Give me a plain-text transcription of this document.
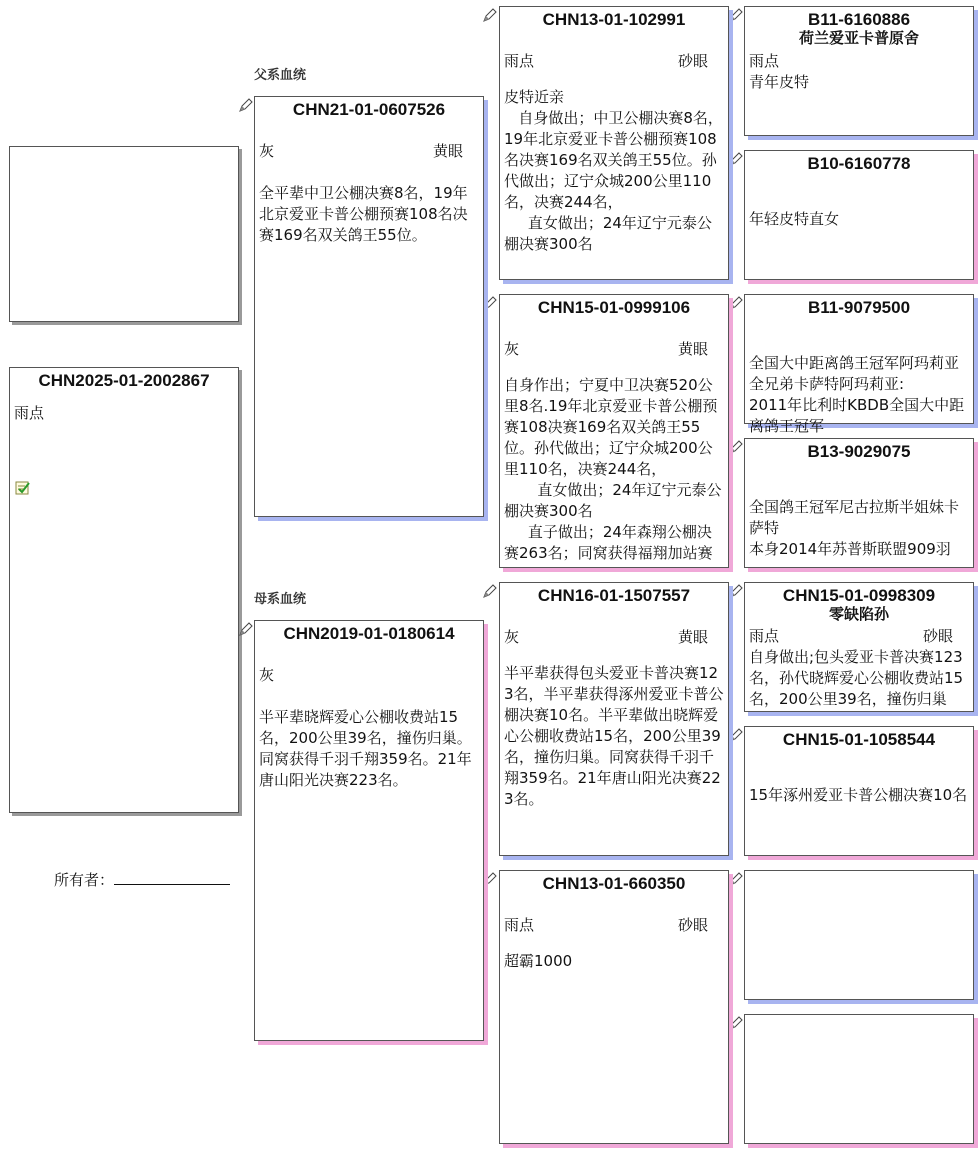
父系血统
母系血统
CHN2025-01-2002867
雨点
所有者：
CHN21-01-0607526
灰	黄眼
全平辈中卫公棚决赛8名，19年北京爱亚卡普公棚预赛108名决赛169名双关鸽王55位。
CHN2019-01-0180614
灰
半平辈晓辉爱心公棚收费站15名，200公里39名，撞伤归巢。同窝获得千羽千翔359名。21年唐山阳光决赛223名。
CHN13-01-102991
雨点	砂眼
皮特近亲
自身做出；中卫公棚决赛8名，19年北京爱亚卡普公棚预赛108名决赛169名双关鸽王55位。孙代做出；辽宁众城200公里110名，决赛244名，
直女做出；24年辽宁元泰公棚决赛300名
CHN15-01-0999106
灰	黄眼
自身作出；宁夏中卫决赛520公里8名.19年北京爱亚卡普公棚预赛108决赛169名双关鸽王55位。孙代做出；辽宁众城200公里110名，决赛244名，
直女做出；24年辽宁元泰公棚决赛300名
直子做出；24年森翔公棚决赛263名；同窝获得福翔加站赛
CHN16-01-1507557
灰	黄眼
半平辈获得包头爱亚卡普决赛123名，半平辈获得涿州爱亚卡普公棚决赛10名。半平辈做出晓辉爱心公棚收费站15名，200公里39名，撞伤归巢。同窝获得千羽千翔359名。21年唐山阳光决赛223名。
CHN13-01-660350
雨点	砂眼
超霸1000
B11-6160886
荷兰爱亚卡普原舍
雨点
青年皮特
B10-6160778
年轻皮特直女
B11-9079500
全国大中距离鸽王冠军阿玛莉亚全兄弟卡萨特阿玛莉亚:
2011年比利时KBDB全国大中距离鸽王冠军
B13-9029075
全国鸽王冠军尼古拉斯半姐妹卡萨特
本身2014年苏普斯联盟909羽
CHN15-01-0998309
零缺陷孙
雨点	砂眼
自身做出;包头爱亚卡普决赛123名，孙代晓辉爱心公棚收费站15名，200公里39名，撞伤归巢
CHN15-01-1058544
15年涿州爱亚卡普公棚决赛10名
